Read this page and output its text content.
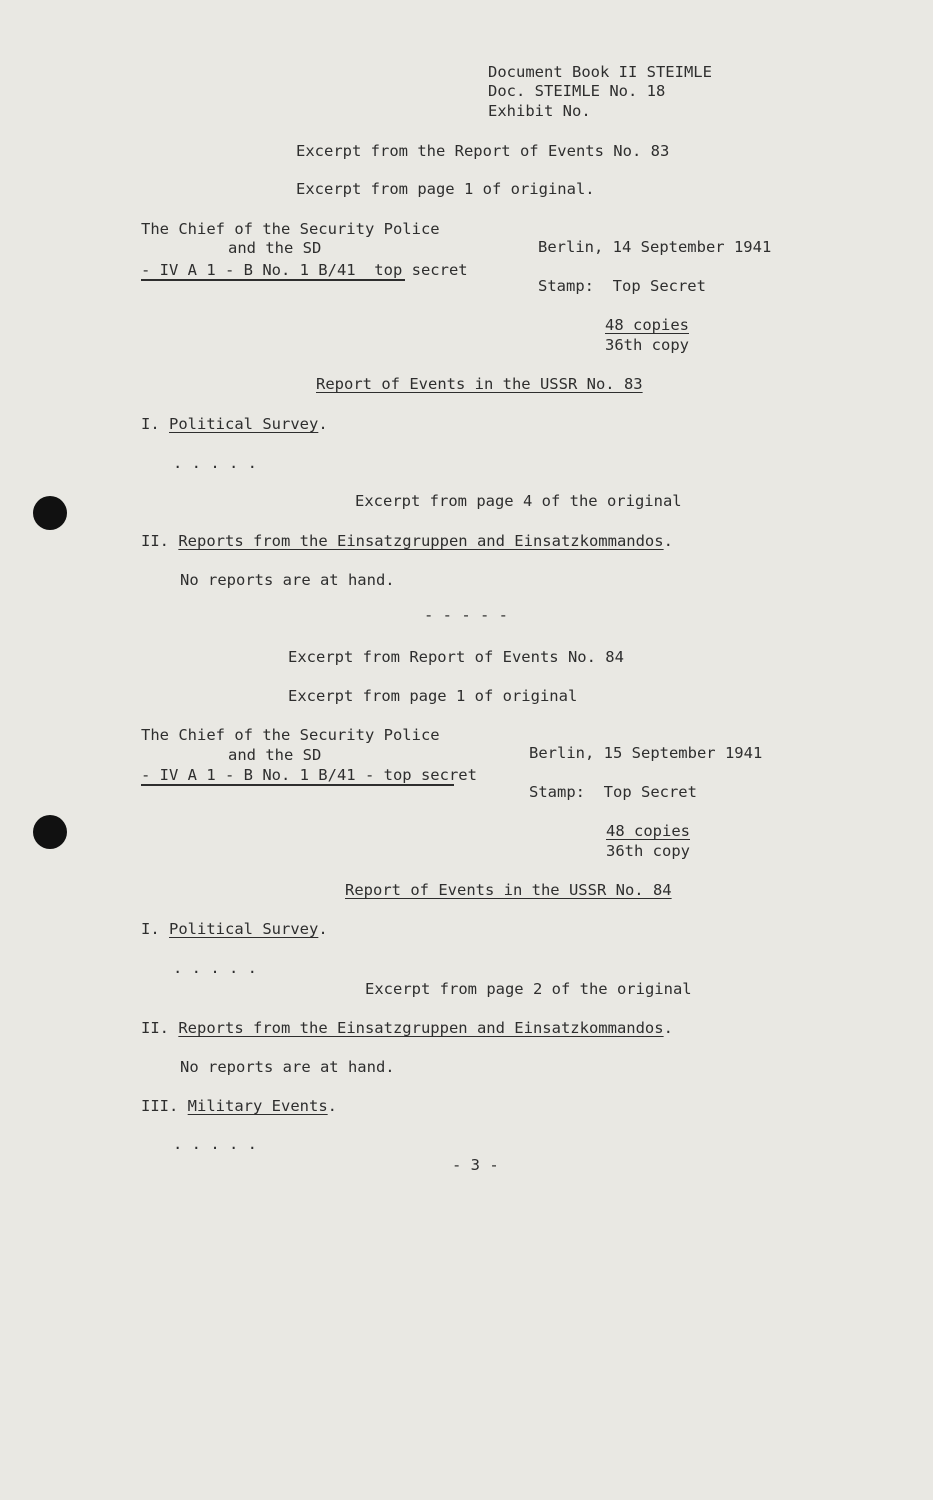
Document Book II STEIMLE
Doc. STEIMLE No. 18
Exhibit No.
Excerpt from the Report of Events No. 83
Excerpt from page 1 of original.
The Chief of the Security Police
and the SD
- IV A 1 - B No. 1 B/41  top secret
Berlin, 14 September 1941
Stamp:  Top Secret
48 copies
36th copy
Report of Events in the USSR No. 83
I. Political Survey.
. . . . .
Excerpt from page 4 of the original
II. Reports from the Einsatzgruppen and Einsatzkommandos.
No reports are at hand.
- - - - -
Excerpt from Report of Events No. 84
Excerpt from page 1 of original
The Chief of the Security Police
and the SD
- IV A 1 - B No. 1 B/41 - top secret
Berlin, 15 September 1941
Stamp:  Top Secret
48 copies
36th copy
Report of Events in the USSR No. 84
I. Political Survey.
. . . . .
Excerpt from page 2 of the original
II. Reports from the Einsatzgruppen and Einsatzkommandos.
No reports are at hand.
III. Military Events.
. . . . .
- 3 -
